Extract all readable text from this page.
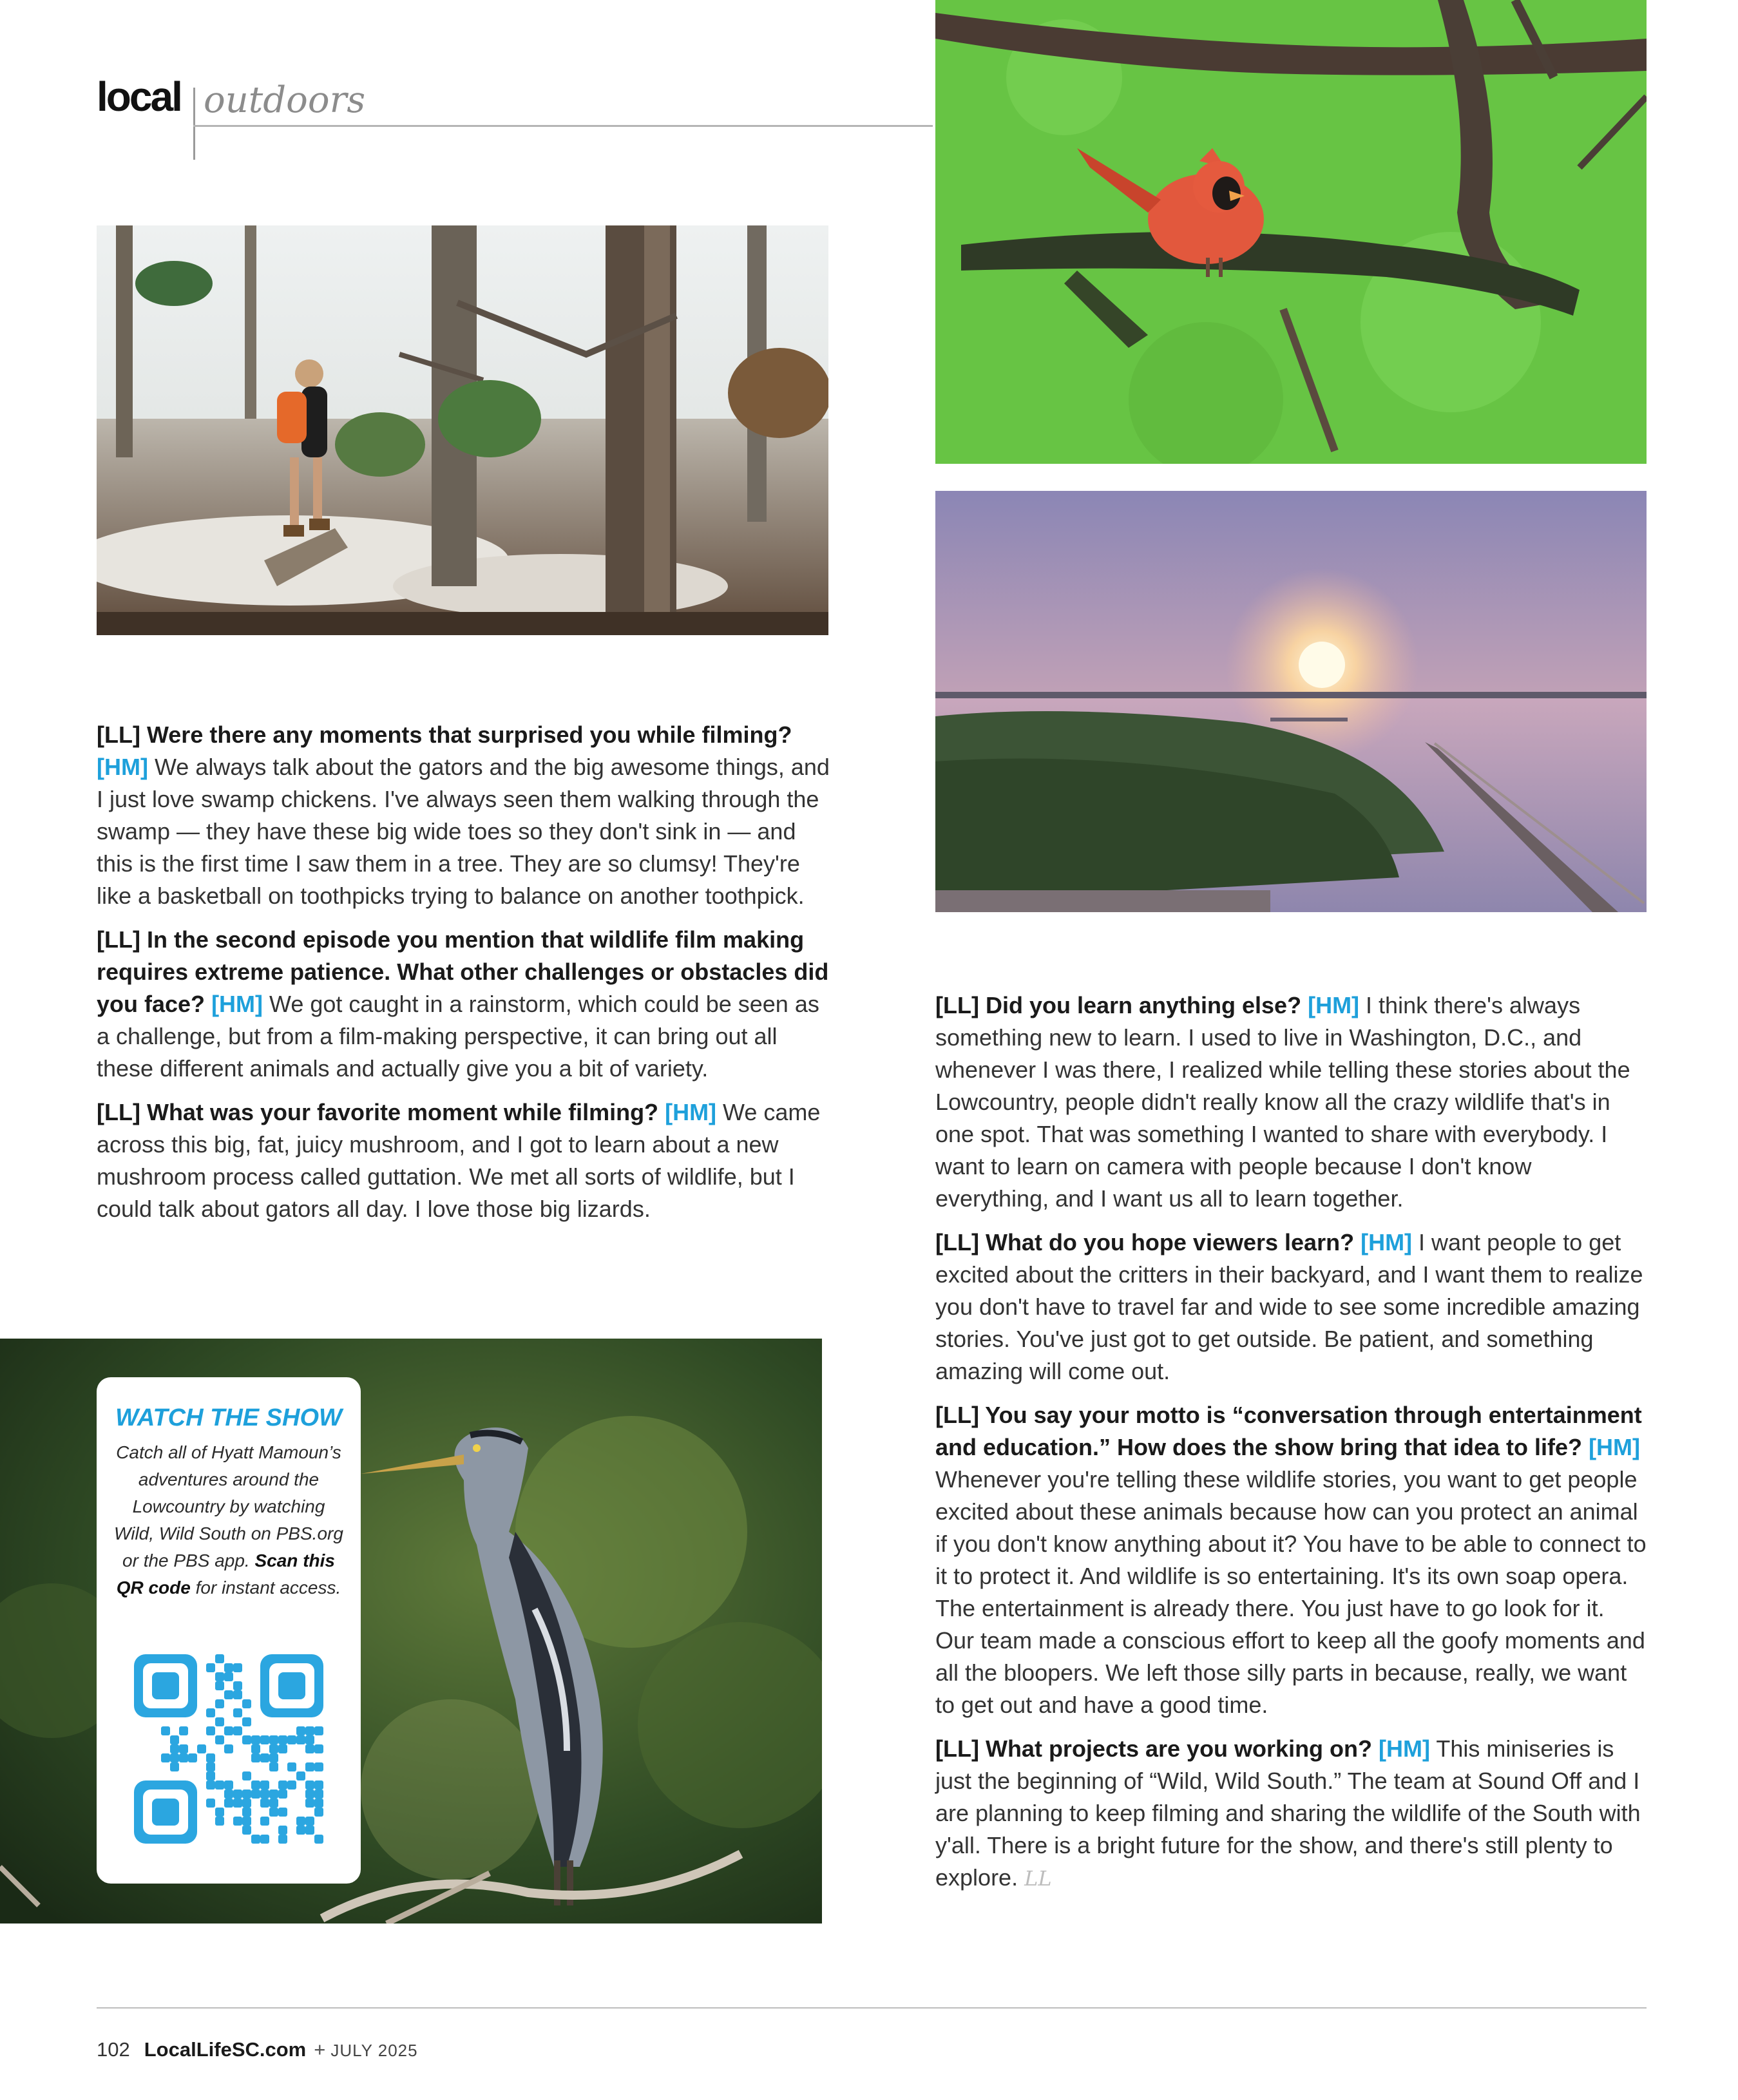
local outdoors

[LL] Were there any moments that surprised you while filming? [HM] We always talk about the gators and the big awesome things, and I just love swamp chickens. I've always seen them walking through the swamp — they have these big wide toes so they don't sink in — and this is the first time I saw them in a tree. They are so clumsy! They're like a basketball on toothpicks trying to balance on another toothpick.

[LL] In the second episode you mention that wildlife film making requires extreme patience. What other challenges or obstacles did you face? [HM] We got caught in a rainstorm, which could be seen as a challenge, but from a film-making perspective, it can bring out all these different animals and actually give you a bit of variety.

[LL] What was your favorite moment while filming? [HM] We came across this big, fat, juicy mushroom, and I got to learn about a new mushroom process called guttation. We met all sorts of wildlife, but I could talk about gators all day. I love those big lizards.

[LL] Did you learn anything else? [HM] I think there's always something new to learn. I used to live in Washington, D.C., and whenever I was there, I realized while telling these stories about the Lowcountry, people didn't really know all the crazy wildlife that's in one spot. That was something I wanted to share with everybody. I want to learn on camera with people because I don't know everything, and I want us all to learn together.

[LL] What do you hope viewers learn? [HM] I want people to get excited about the critters in their backyard, and I want them to realize you don't have to travel far and wide to see some incredible amazing stories. You've just got to get outside. Be patient, and something amazing will come out.

[LL] You say your motto is “conversation through entertainment and education.” How does the show bring that idea to life? [HM] Whenever you're telling these wildlife stories, you want to get people excited about these animals because how can you protect an animal if you don't know anything about it? You have to be able to connect to it to protect it. And wildlife is so entertaining. It's its own soap opera. The entertainment is already there. You just have to go look for it. Our team made a conscious effort to keep all the goofy moments and all the bloopers. We left those silly parts in because, really, we want to get out and have a good time.

[LL] What projects are you working on? [HM] This miniseries is just the beginning of “Wild, Wild South.” The team at Sound Off and I are planning to keep filming and sharing the wildlife of the South with y'all. There is a bright future for the show, and there's still plenty to explore. LL

WATCH THE SHOW
Catch all of Hyatt Mamoun’s adventures around the Lowcountry by watching Wild, Wild South on PBS.org or the PBS app. Scan this QR code for instant access.
102 LocalLifeSC.com + JULY 2025
